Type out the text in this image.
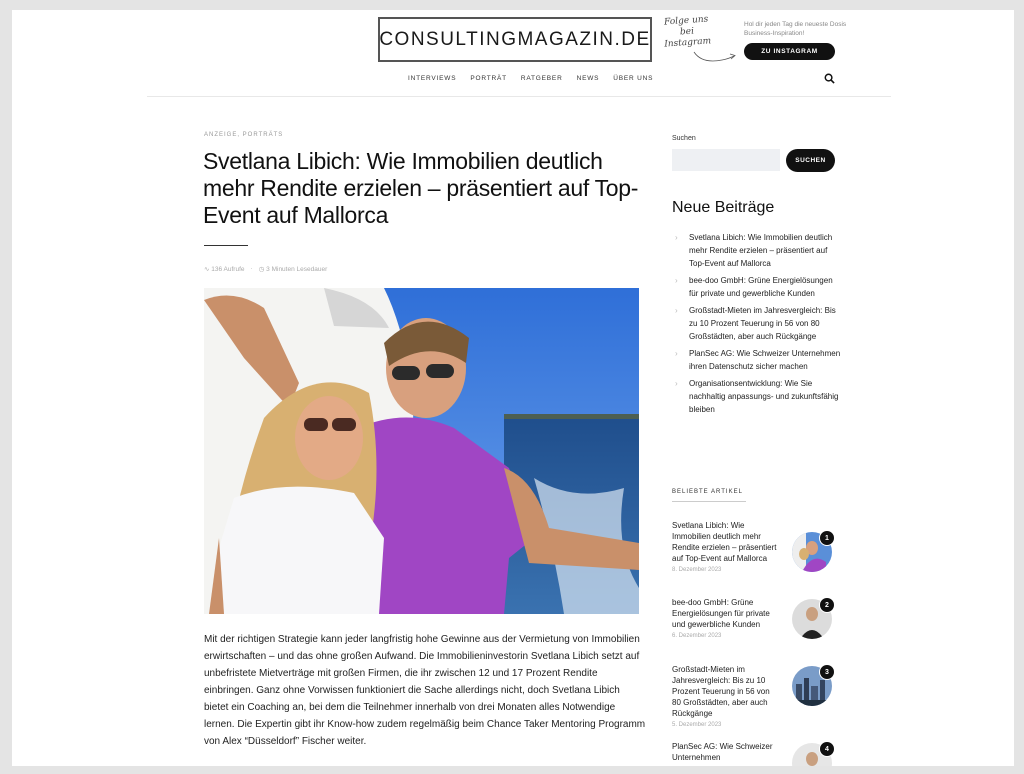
CONSULTINGMAGAZIN.DE
Folge uns
bei
Instagram
Hol dir jeden Tag die neueste Dosis Business-Inspiration!
ZU INSTAGRAM
INTERVIEWS PORTRÄT RATGEBER NEWS ÜBER UNS
ANZEIGE, PORTRÄTS
Svetlana Libich: Wie Immobilien deutlich mehr Rendite erzielen – präsentiert auf Top-Event auf Mallorca
∿ 136 Aufrufe · ◷ 3 Minuten Lesedauer

Mit der richtigen Strategie kann jeder langfristig hohe Gewinne aus der Vermietung von Immobilien erwirtschaften – und das ohne großen Aufwand. Die Immobilieninvestorin Svetlana Libich setzt auf unbefristete Mietverträge mit großen Firmen, die ihr zwischen 12 und 17 Prozent Rendite einbringen. Ganz ohne Vorwissen funktioniert die Sache allerdings nicht, doch Svetlana Libich bietet ein Coaching an, bei dem die Teilnehmer innerhalb von drei Monaten alles Notwendige lernen. Die Expertin gibt ihr Know-how zudem regelmäßig beim Chance Taker Mentoring Programm von Alex “Düsseldorf” Fischer weiter.

Suchen
SUCHEN
Neue Beiträge
› Svetlana Libich: Wie Immobilien deutlich mehr Rendite erzielen – präsentiert auf Top-Event auf Mallorca
› bee-doo GmbH: Grüne Energielösungen für private und gewerbliche Kunden
› Großstadt-Mieten im Jahresvergleich: Bis zu 10 Prozent Teuerung in 56 von 80 Großstädten, aber auch Rückgänge
› PlanSec AG: Wie Schweizer Unternehmen ihren Datenschutz sicher machen
› Organisationsentwicklung: Wie Sie nachhaltig anpassungs- und zukunftsfähig bleiben
BELIEBTE ARTIKEL
Svetlana Libich: Wie Immobilien deutlich mehr Rendite erzielen – präsentiert auf Top-Event auf Mallorca
8. Dezember 2023
1
bee-doo GmbH: Grüne Energielösungen für private und gewerbliche Kunden
6. Dezember 2023
2
Großstadt-Mieten im Jahresvergleich: Bis zu 10 Prozent Teuerung in 56 von 80 Großstädten, aber auch Rückgänge
5. Dezember 2023
3
PlanSec AG: Wie Schweizer Unternehmen
4
